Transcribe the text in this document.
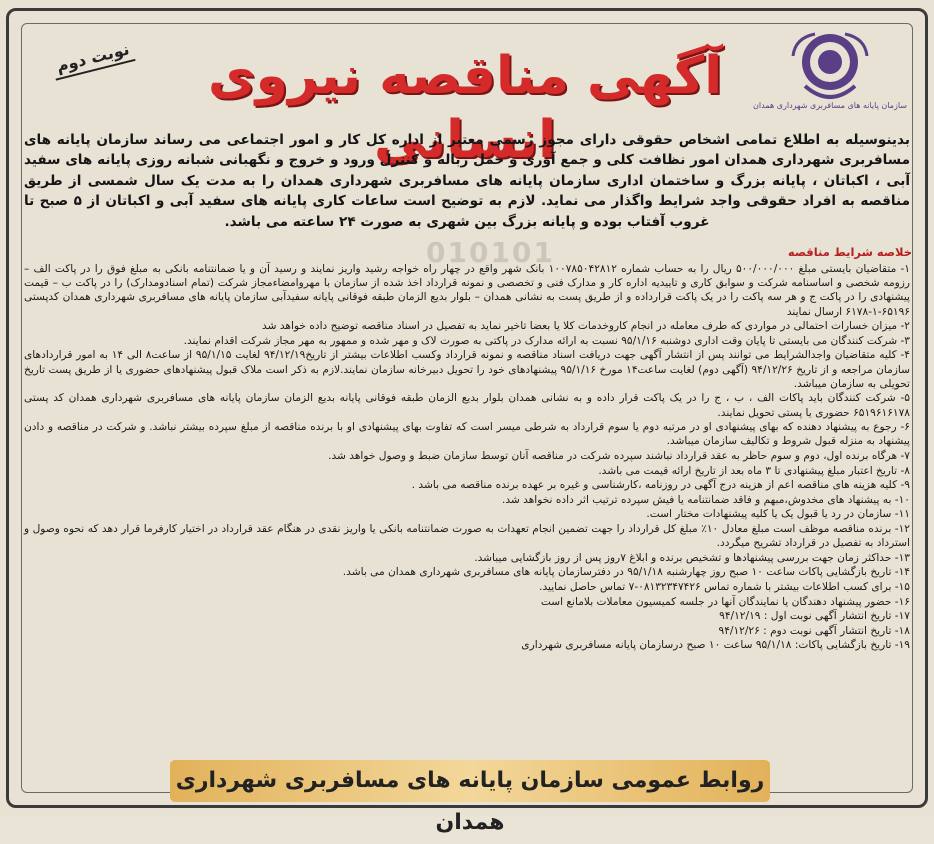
سازمان پایانه های مسافربری شهرداری همدان
نوبت دوم	آگهی مناقصه نیروی انسانی
بدینوسیله به اطلاع تمامی اشخاص حقوقی دارای مجوز رسمی معتبر از اداره کل کار و امور اجتماعی می رساند سازمان پایانه های مسافربری شهرداری همدان امور نظافت کلی و جمع آوری و حمل زباله و کنترل ورود و خروج و نگهبانی شبانه روزی پایانه های سفید آبی ، اکباتان ، پایانه بزرگ و ساختمان اداری سازمان پایانه های مسافربری شهرداری همدان را به مدت یک سال شمسی از طریق مناقصه به افراد حقوقی واجد شرایط واگذار می نماید. لازم به توضیح است ساعات کاری پایانه های سفید آبی و اکباتان از ۵ صبح تا غروب آفتاب بوده و پایانه بزرگ بین شهری به صورت ۲۴ ساعته می باشد.
010101	خلاصه شرایط مناقصه
۱- متقاضیان بایستی مبلغ ۵۰۰/۰۰۰/۰۰۰ ریال را به حساب شماره ۱۰۰۷۸۵۰۴۲۸۱۲ بانک شهر واقع در چهار راه خواجه رشید واریز نمایند و رسید آن و یا ضمانتنامه بانکی به مبلغ فوق را در پاکت الف – رزومه شخصی و اساسنامه شرکت و سوابق کاری و تاییدیه اداره کار و مدارک فنی و تخصصی و نمونه قرارداد اخذ شده از سازمان با مهروامضاءمجاز شرکت (تمام اسنادومدارک) را در پاکت ب – قیمت پیشنهادی را در پاکت ج و هر سه پاکت را در یک پاکت قرارداده و از طریق پست به نشانی همدان – بلوار بدیع الزمان طبقه فوقانی پایانه سفیدآبی سازمان پایانه های مسافربری شهرداری همدان کدپستی ۶۵۱۹۶-۱-۶۱۷۸ ارسال نمایند
۲- میزان خسارات احتمالی در مواردی که طرف معامله در انجام کاروخدمات کلا یا بعضا تاخیر نماید به تفصیل در اسناد مناقصه توضیح داده خواهد شد
۳- شرکت کنندگان می بایستی تا پایان وقت اداری دوشنبه ۹۵/۱/۱۶ نسبت به ارائه مدارک در پاکتی به صورت لاک و مهر شده و ممهور به مهر مجاز شرکت اقدام نمایند.
۴- کلیه متقاضیان واجدالشرایط می توانند پس از انتشار آگهی جهت دریافت اسناد مناقصه و نمونه قرارداد وکسب اطلاعات بیشتر از تاریخ۹۴/۱۲/۱۹ لغایت ۹۵/۱/۱۵ از ساعت۸ الی ۱۴ به امور قراردادهای سازمان مراجعه و از تاریخ ۹۴/۱۲/۲۶ (آگهی دوم) لغایت ساعت۱۴ مورخ ۹۵/۱/۱۶ پیشنهادهای خود را تحویل دبیرخانه سازمان نمایند.لازم به ذکر است ملاک قبول پیشنهادهای حضوری یا از طریق پست تاریخ تحویلی به سازمان میباشد.
۵- شرکت کنندگان باید پاکات الف ، ب ، ج را در یک پاکت قرار داده و به نشانی همدان بلوار بدیع الزمان طبقه فوقانی پایانه بدیع الزمان سازمان پایانه های مسافربری شهرداری همدان کد پستی ۶۵۱۹۶۱۶۱۷۸ حضوری یا پستی تحویل نمایند.
۶- رجوع به پیشنهاد دهنده که بهای پیشنهادی او در مرتبه دوم یا سوم قرارداد به شرطی میسر است که تفاوت بهای پیشنهادی او با برنده مناقصه از مبلغ سپرده بیشتر نباشد. و شرکت در مناقصه و دادن پیشنهاد به منزله قبول شروط و تکالیف سازمان میباشد.
۷- هرگاه برنده اول، دوم و سوم حاظر به عقد قرارداد نباشند سپرده شرکت در مناقصه آنان توسط سازمان ضبط و وصول خواهد شد.
۸- تاریخ اعتبار مبلغ پیشنهادی تا ۳ ماه بعد از تاریخ ارائه قیمت می باشد.
۹- کلیه هزینه های مناقصه اعم از هزینه درج آگهی در روزنامه ،کارشناسی و غیره بر عهده برنده مناقصه می باشد .
۱۰- به پیشنهاد های مخدوش،مبهم و فاقد ضمانتنامه یا فیش سپرده ترتیب اثر داده نخواهد شد.
۱۱- سازمان در رد یا قبول یک یا کلیه پیشنهادات مختار است.
۱۲- برنده مناقصه موظف است مبلغ معادل ۱۰٪ مبلغ کل قرارداد را جهت تضمین انجام تعهدات به صورت ضمانتنامه بانکی یا واریز نقدی در هنگام عقد قرارداد در اختیار کارفرما قرار دهد که نحوه وصول و استرداد به تفصیل در قرارداد تشریح میگردد.
۱۳- حداکثر زمان جهت بررسی پیشنهادها و تشخیص برنده و ابلاغ ۷روز پس از روز بازگشایی میباشد.
۱۴- تاریخ بازگشایی پاکات ساعت ۱۰ صبح روز چهارشنبه ۹۵/۱/۱۸ در دفترسازمان پایانه های مسافربری شهرداری همدان می باشد.
۱۵- برای کسب اطلاعات بیشتر با شماره تماس ۰۸۱۳۲۳۴۷۴۲۶-۷ تماس حاصل نمایید.
۱۶- حضور پیشنهاد دهندگان یا نمایندگان آنها در جلسه کمیسیون معاملات بلامانع است
۱۷- تاریخ انتشار آگهی نوبت اول : ۹۴/۱۲/۱۹
۱۸- تاریخ انتشار آگهی نوبت دوم : ۹۴/۱۲/۲۶
۱۹- تاریخ بازگشایی پاکات: ۹۵/۱/۱۸ ساعت ۱۰ صبح درسازمان پایانه مسافربری شهرداری
روابط عمومی سازمان پایانه های مسافربری شهرداری همدان
